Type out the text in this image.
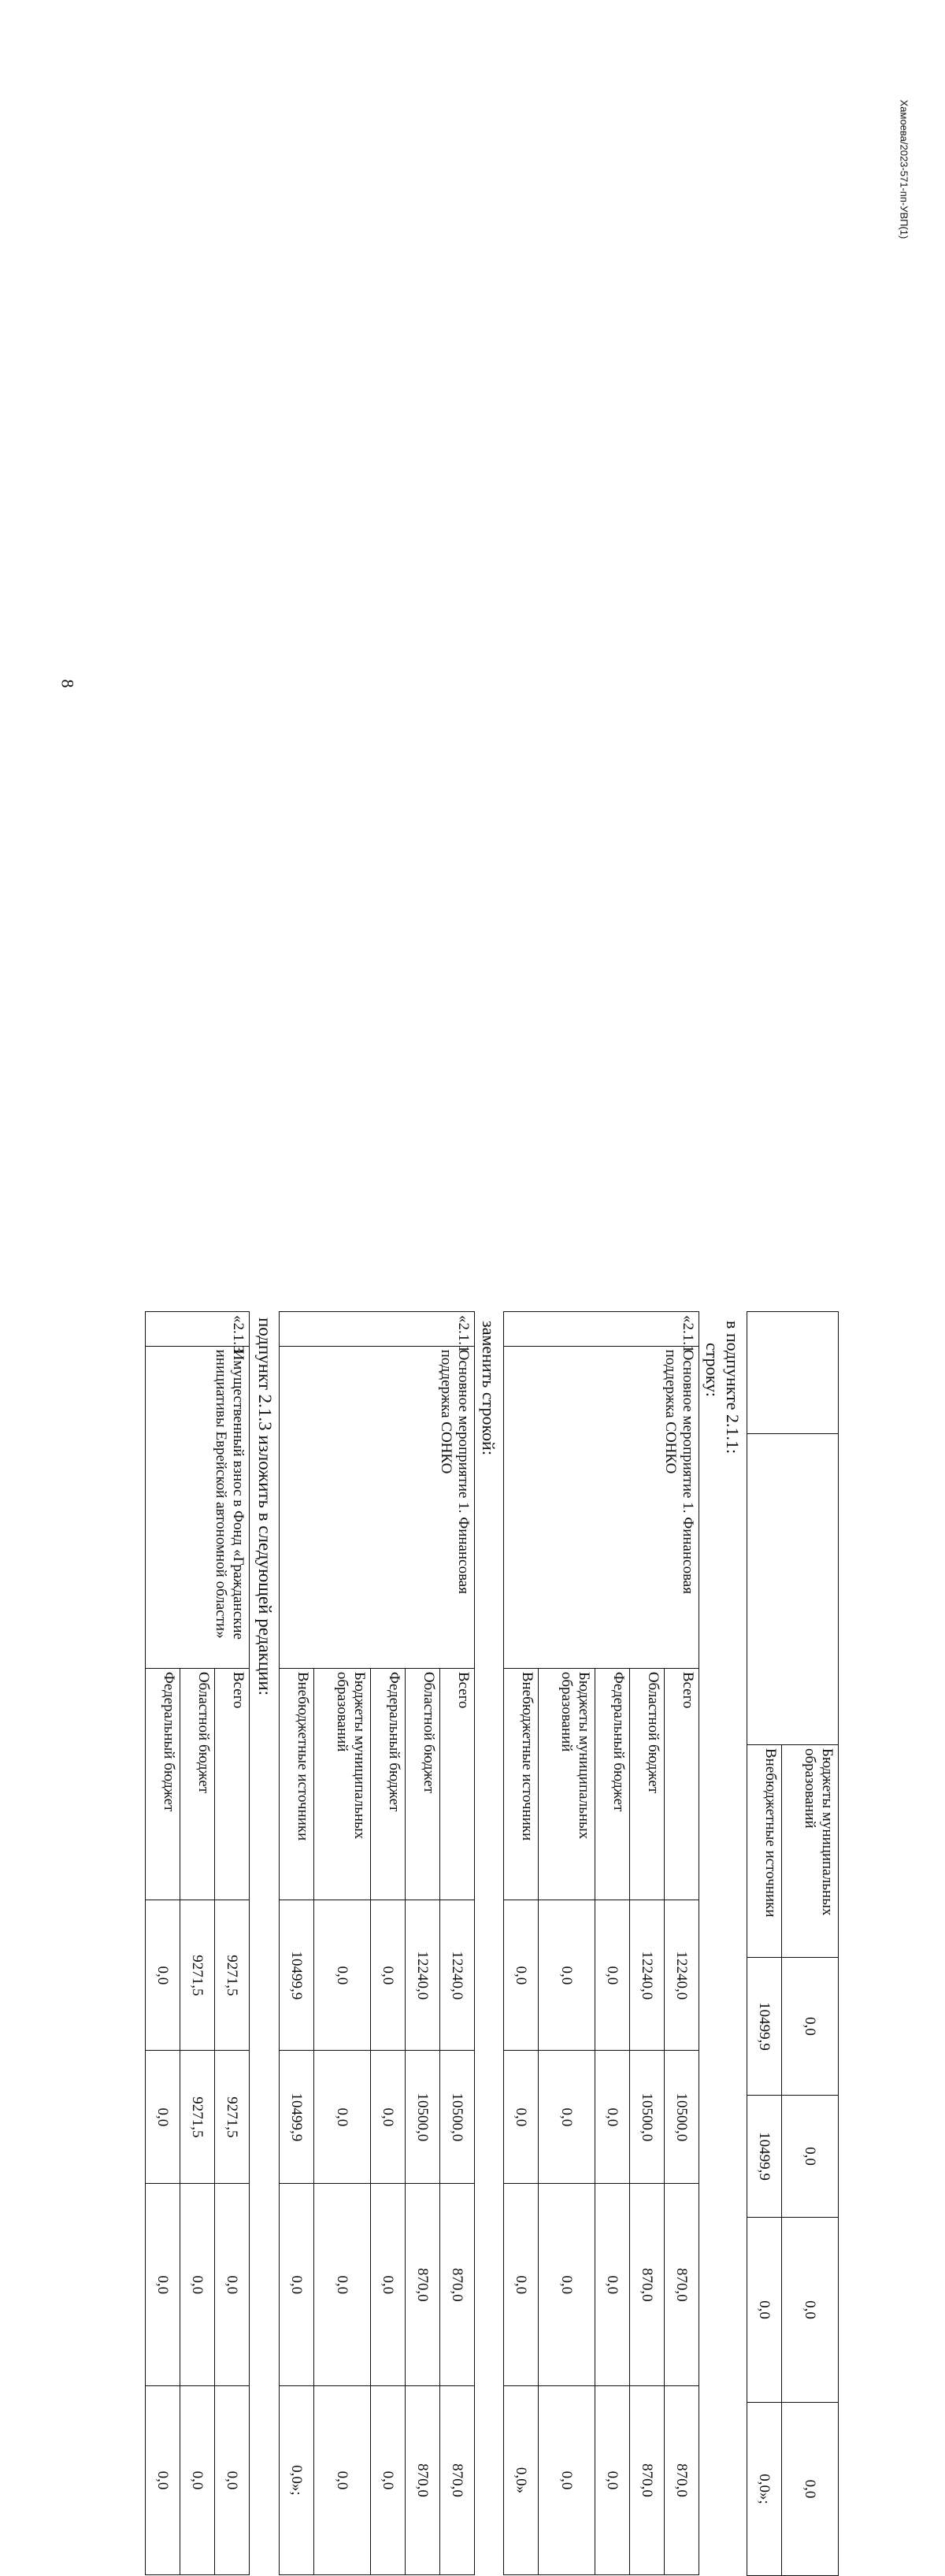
8
Хамоева/2023-571-пп-УВП(1)
		Бюджеты муниципальных образований	0,0	0,0	0,0	0,0
		Внебюджетные источники	10499,9	10499,9	0,0	0,0»;
в подпункте 2.1.1:
строку:
«2.1.1	Основное мероприятие 1. Финансовая поддержка СОНКО	Всего	12240,0	10500,0	870,0	870,0
		Областной бюджет	12240,0	10500,0	870,0	870,0
		Федеральный бюджет	0,0	0,0	0,0	0,0
		Бюджеты муниципальных образований	0,0	0,0	0,0	0,0
		Внебюджетные источники	0,0	0,0	0,0	0,0»
заменить строкой:
«2.1.1	Основное мероприятие 1. Финансовая поддержка СОНКО	Всего	12240,0	10500,0	870,0	870,0
		Областной бюджет	12240,0	10500,0	870,0	870,0
		Федеральный бюджет	0,0	0,0	0,0	0,0
		Бюджеты муниципальных образований	0,0	0,0	0,0	0,0
		Внебюджетные источники	10499,9	10499,9	0,0	0,0»;
подпункт 2.1.3 изложить в следующей редакции:
«2.1.3	Имущественный взнос в Фонд «Гражданские инициативы Еврейской автономной области»	Всего	9271,5	9271,5	0,0	0,0
		Областной бюджет	9271,5	9271,5	0,0	0,0
		Федеральный бюджет	0,0	0,0	0,0	0,0
